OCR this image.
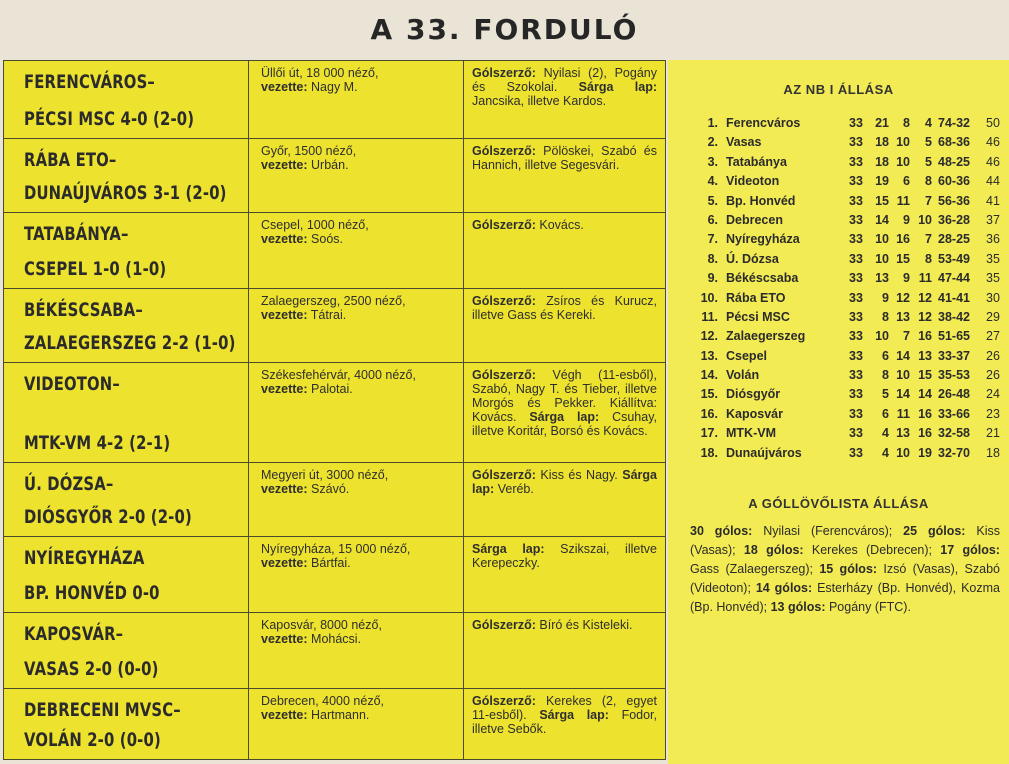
A 33. FORDULÓ
FERENCVÁROS–
PÉCSI MSC 4-0 (2-0)
Üllői út, 18 000 néző,
vezette: Nagy M.
Gólszerző: Nyilasi (2), Pogány és Szokolai. Sárga lap: Jancsika, illetve Kardos.
RÁBA ETO–
DUNAÚJVÁROS 3-1 (2-0)
Győr, 1500 néző,
vezette: Urbán.
Gólszerző: Pölöskei, Szabó és Hannich, illetve Segesvári.
TATABÁNYA–
CSEPEL 1-0 (1-0)
Csepel, 1000 néző,
vezette: Soós.
Gólszerző: Kovács.
BÉKÉSCSABA–
ZALAEGERSZEG 2-2 (1-0)
Zalaegerszeg, 2500 néző,
vezette: Tátrai.
Gólszerző: Zsíros és Kurucz, illetve Gass és Kereki.
VIDEOTON–
MTK-VM 4-2 (2-1)
Székesfehérvár, 4000 néző,
vezette: Palotai.
Gólszerző: Végh (11-esből), Szabó, Nagy T. és Tieber, illetve Morgós és Pekker. Kiállítva: Kovács. Sárga lap: Csuhay, illetve Koritár, Borsó és Kovács.
Ú. DÓZSA–
DIÓSGYŐR 2-0 (2-0)
Megyeri út, 3000 néző,
vezette: Szávó.
Gólszerző: Kiss és Nagy. Sárga lap: Veréb.
NYÍREGYHÁZA
BP. HONVÉD 0-0
Nyíregyháza, 15 000 néző,
vezette: Bártfai.
Sárga lap: Szikszai, illetve Kerepeczky.
KAPOSVÁR–
VASAS 2-0 (0-0)
Kaposvár, 8000 néző,
vezette: Mohácsi.
Gólszerző: Bíró és Kisteleki.
DEBRECENI MVSC–
VOLÁN 2-0 (0-0)
Debrecen, 4000 néző,
vezette: Hartmann.
Gólszerző: Kerekes (2, egyet 11-esből). Sárga lap: Fodor, illetve Sebők.
AZ NB I ÁLLÁSA
1. Ferencváros	33 21	8	4 74-32 50
2. Vasas	33 18 10	5 68-36 46
3. Tatabánya	33 18 10	5 48-25 46
4. Videoton	33 19	6	8 60-36 44
5. Bp. Honvéd	33 15 11	7 56-36 41
6. Debrecen	33 14	9 10 36-28 37
7. Nyíregyháza	33 10 16	7 28-25 36
8. Ú. Dózsa	33 10 15	8 53-49 35
9. Békéscsaba	33 13	9 11 47-44 35
10. Rába ETO	33	9 12 12 41-41 30
11. Pécsi MSC	33	8 13 12 38-42 29
12. Zalaegerszeg	33 10	7 16 51-65 27
13. Csepel	33	6 14 13 33-37 26
14. Volán	33	8 10 15 35-53 26
15. Diósgyőr	33	5 14 14 26-48 24
16. Kaposvár	33	6 11 16 33-66 23
17. MTK-VM	33	4 13 16 32-58 21
18. Dunaújváros	33	4 10 19 32-70 18
A GÓLLÖVŐLISTA ÁLLÁSA
30 gólos: Nyilasi (Ferencváros); 25 gólos: Kiss (Vasas); 18 gólos: Kerekes (Debrecen); 17 gólos: Gass (Zalaegerszeg); 15 gólos: Izsó (Vasas), Szabó (Videoton); 14 gólos: Esterházy (Bp. Honvéd), Kozma (Bp. Honvéd); 13 gólos: Pogány (FTC).
